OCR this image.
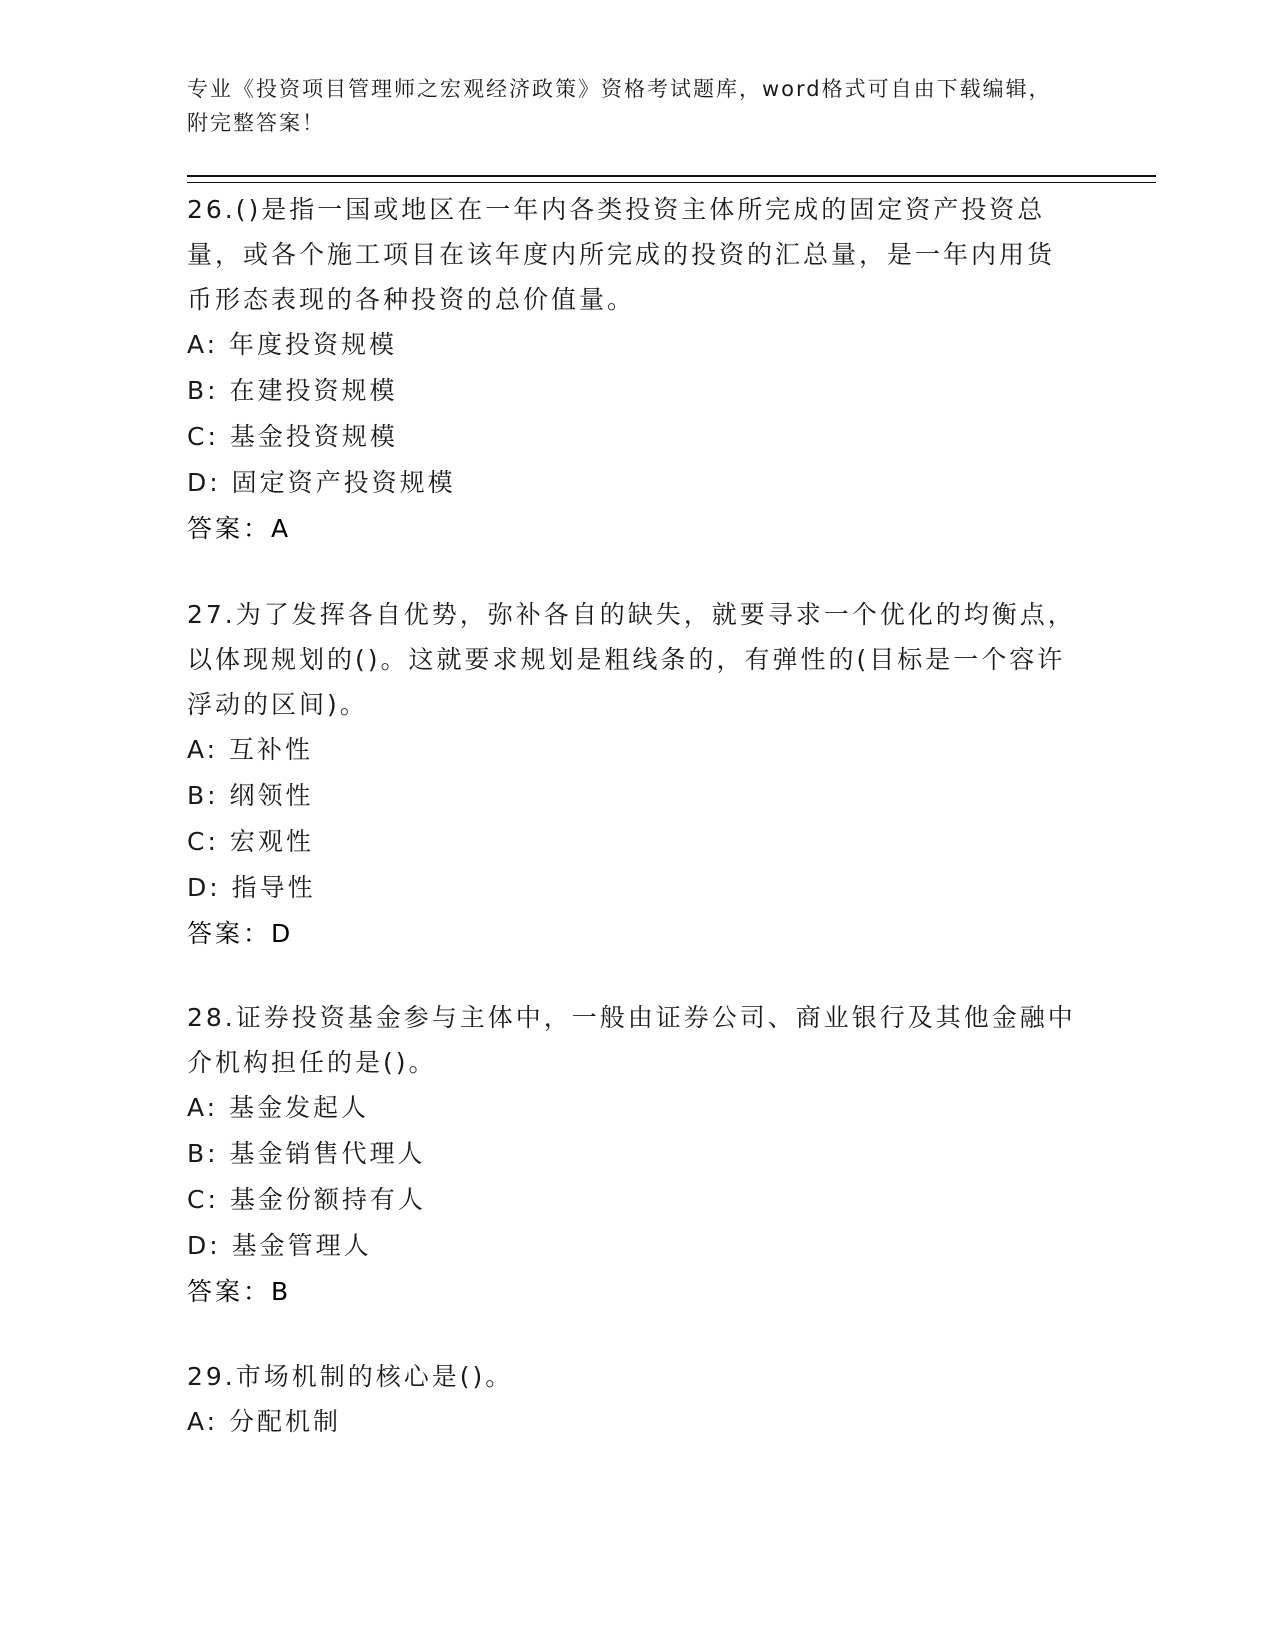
专业《投资项目管理师之宏观经济政策》资格考试题库，word格式可自由下载编辑，附完整答案！
26.()是指一国或地区在一年内各类投资主体所完成的固定资产投资总量，或各个施工项目在该年度内所完成的投资的汇总量，是一年内用货币形态表现的各种投资的总价值量。
A: 年度投资规模
B: 在建投资规模
C: 基金投资规模
D: 固定资产投资规模
答案：A
27.为了发挥各自优势，弥补各自的缺失，就要寻求一个优化的均衡点，以体现规划的()。这就要求规划是粗线条的，有弹性的(目标是一个容许浮动的区间)。
A: 互补性
B: 纲领性
C: 宏观性
D: 指导性
答案：D
28.证券投资基金参与主体中，一般由证券公司、商业银行及其他金融中介机构担任的是()。
A: 基金发起人
B: 基金销售代理人
C: 基金份额持有人
D: 基金管理人
答案：B
29.市场机制的核心是()。
A: 分配机制
